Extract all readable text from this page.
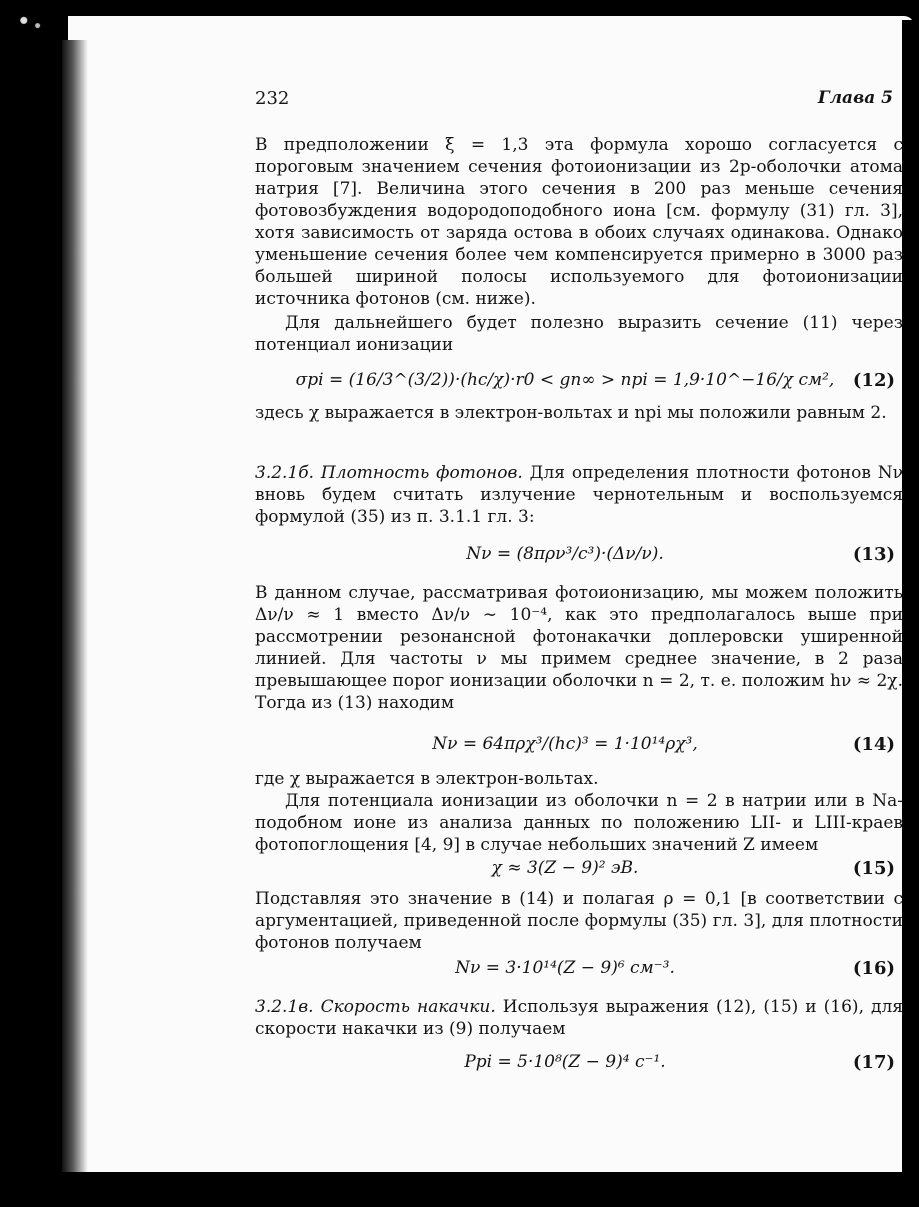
232	Глава 5

В предположении ξ = 1,3 эта формула хорошо согласуется с пороговым значением сечения фотоионизации из 2p-оболочки атома натрия [7]. Величина этого сечения в 200 раз меньше сечения фотовозбуждения водородоподобного иона [см. формулу (31) гл. 3], хотя зависимость от заряда остова в обоих случаях одинакова. Однако уменьшение сечения более чем компенсируется примерно в 3000 раз большей шириной полосы используемого для фотоионизации источника фотонов (см. ниже).

Для дальнейшего будет полезно выразить сечение (11) через потенциал ионизации

σpi = (16/3^(3/2))·(hc/χ)·r0 < gn∞ > npi = 1,9·10^−16/χ см²,	(12)

здесь χ выражается в электрон-вольтах и npi мы положили равным 2.

3.2.1б. Плотность фотонов. Для определения плотности фотонов Nν вновь будем считать излучение чернотельным и воспользуемся формулой (35) из п. 3.1.1 гл. 3:

Nν = (8πρν³/c³)·(Δν/ν).	(13)

В данном случае, рассматривая фотоионизацию, мы можем положить Δν/ν ≈ 1 вместо Δν/ν ∼ 10⁻⁴, как это предполагалось выше при рассмотрении резонансной фотонакачки доплеровски уширенной линией. Для частоты ν мы примем среднее значение, в 2 раза превышающее порог ионизации оболочки n = 2, т. е. положим hν ≈ 2χ. Тогда из (13) находим

Nν = 64πρχ³/(hc)³ = 1·10¹⁴ρχ³,	(14)

где χ выражается в электрон-вольтах.

Для потенциала ионизации из оболочки n = 2 в натрии или в Na-подобном ионе из анализа данных по положению LII- и LIII-краев фотопоглощения [4, 9] в случае небольших значений Z имеем

χ ≈ 3(Z − 9)² эВ.	(15)

Подставляя это значение в (14) и полагая ρ = 0,1 [в соответствии с аргументацией, приведенной после формулы (35) гл. 3], для плотности фотонов получаем

Nν = 3·10¹⁴(Z − 9)⁶ см⁻³.	(16)

3.2.1в. Скорость накачки. Используя выражения (12), (15) и (16), для скорости накачки из (9) получаем

Ppi = 5·10⁸(Z − 9)⁴ с⁻¹.	(17)
